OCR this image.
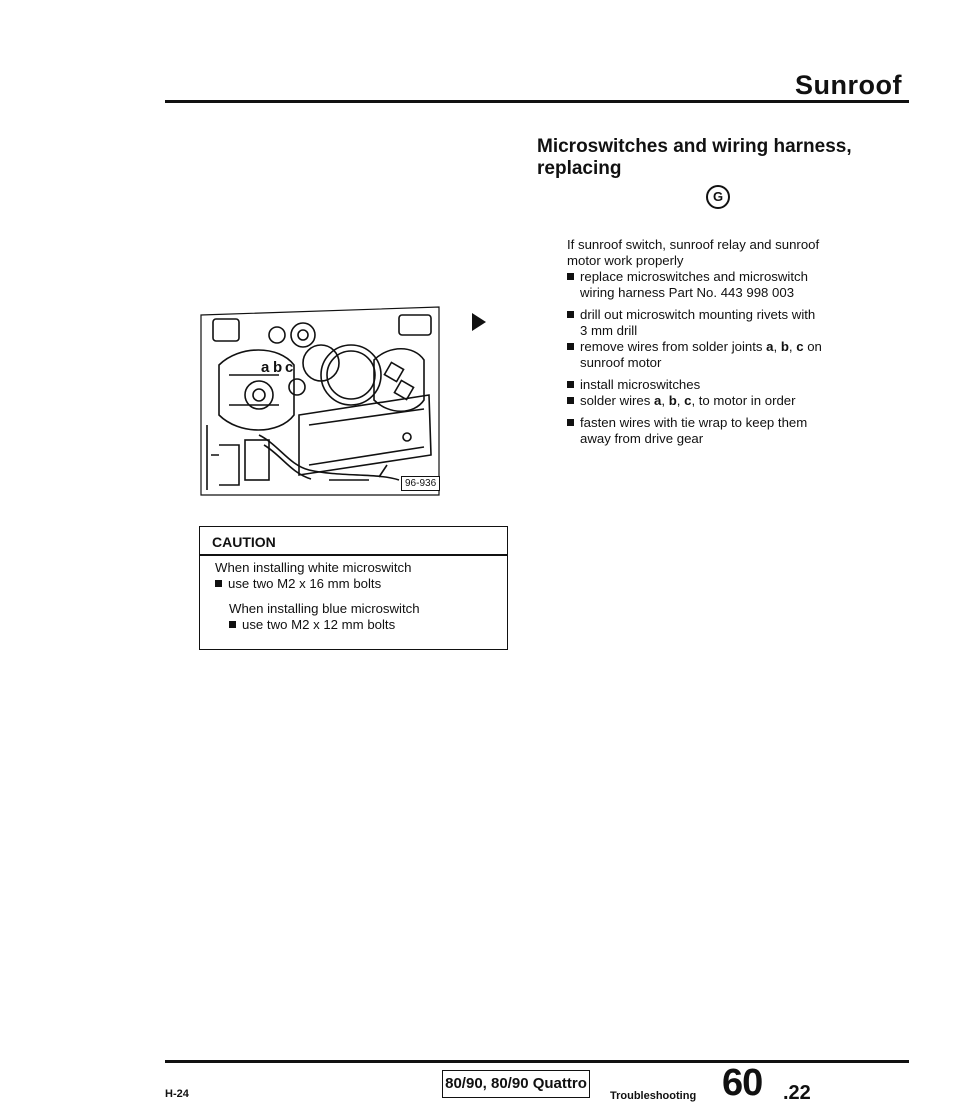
Sunroof
Microswitches and wiring harness,
replacing
G
If sunroof switch, sunroof relay and sunroof
motor work properly
replace microswitches and microswitch
wiring harness Part No. 443 998 003
drill out microswitch mounting rivets with
3 mm drill
remove wires from solder joints a, b, c on
sunroof motor
install microswitches
solder wires a, b, c, to motor in order
fasten wires with tie wrap to keep them
away from drive gear
a b c
96-936
CAUTION
When installing white microswitch
use two M2 x 16 mm bolts
When installing blue microswitch
use two M2 x 12 mm bolts
H-24
80/90, 80/90 Quattro
Troubleshooting 60 .22
